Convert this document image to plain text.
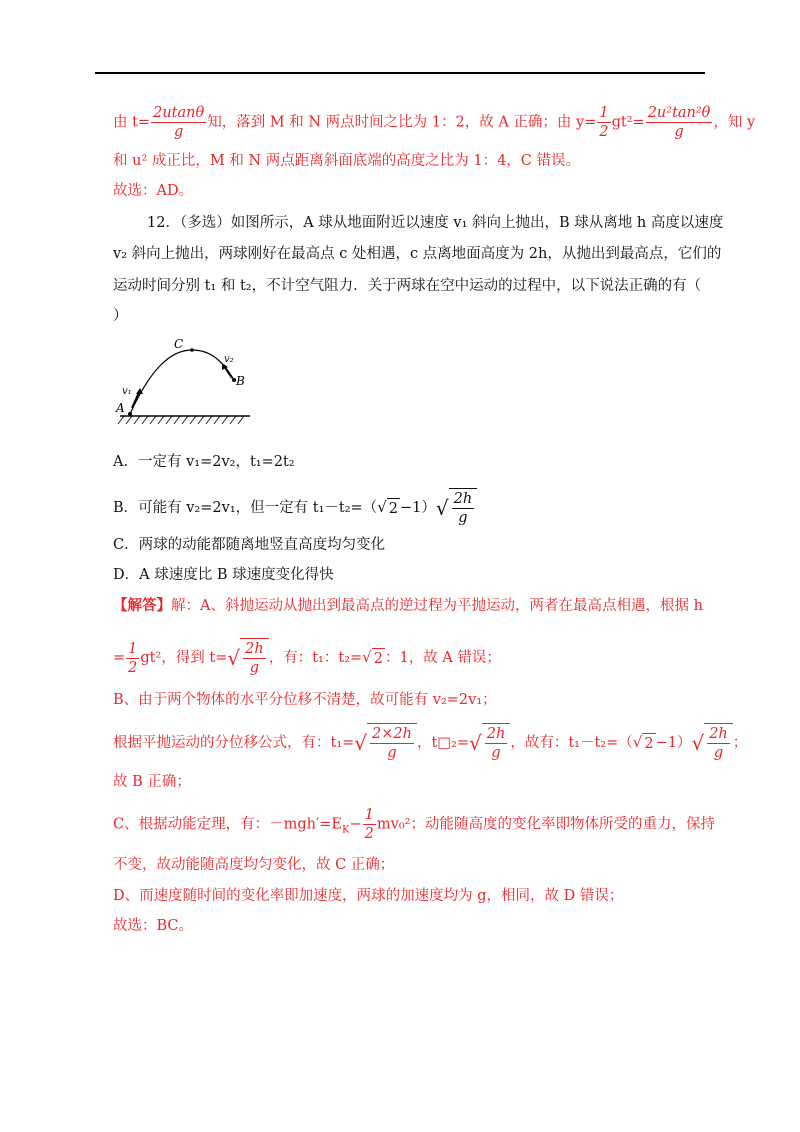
由 $t= \frac{2utan\theta}{g}$ 知，落到 M 和 N 两点时间之比为 1：2，故 A 正确；由 $y= \frac{1}{2} gt^2= \frac{\text{2u²tan²θ}}{g}$ ，知 y
和 u² 成正比，M 和 N 两点距离斜面底端的高度之比为 1：4，C 错误。
故选：AD。
12．（多选）如图所示，A 球从地面附近以速度 v₁ 斜向上抛出，B 球从离地 h 高度以速度
v₂ 斜向上抛出，两球刚好在最高点 c 处相遇，c 点离地面高度为 2h，从抛出到最高点，它们的
运动时间分别 t₁ 和 t₂，不计空气阻力．关于两球在空中运动的过程中，以下说法正确的有（
）
C
A
B
v₁
v₂
A．一定有 v₁=2v₂，t₁=2t₂
B．可能有 v₂=2v₁，但一定有 t₁－t₂=（ √ 2 −1） √ $\frac{2h}{g}$
C．两球的动能都随离地竖直高度均匀变化
D．A 球速度比 B 球速度变化得快
【解答】解：A、斜抛运动从抛出到最高点的逆过程为平抛运动，两者在最高点相遇，根据 h
= $\frac{1}{2} gt^2$，得到 t= √ $\frac{2h}{g}$ ，有：t₁：t₂= √ 2 ：1，故 A 错误；
B、由于两个物体的水平分位移不清楚，故可能有 v₂=2v₁；
根据平抛运动的分位移公式，有：t₁= √ $\frac{2\times 2h}{g}$ ，t□₂= √ $\frac{2h}{g}$ ，故有：t₁－t₂=（ √ 2 −1） √ $\frac{2h}{g}$ ；
故 B 正确；
C、根据动能定理，有：$-mgh'=E_K- \frac{1}{2} mv_0^2$；动能随高度的变化率即物体所受的重力，保持
不变，故动能随高度均匀变化，故 C 正确；
D、而速度随时间的变化率即加速度，两球的加速度均为 g，相同，故 D 错误；
故选：BC。
